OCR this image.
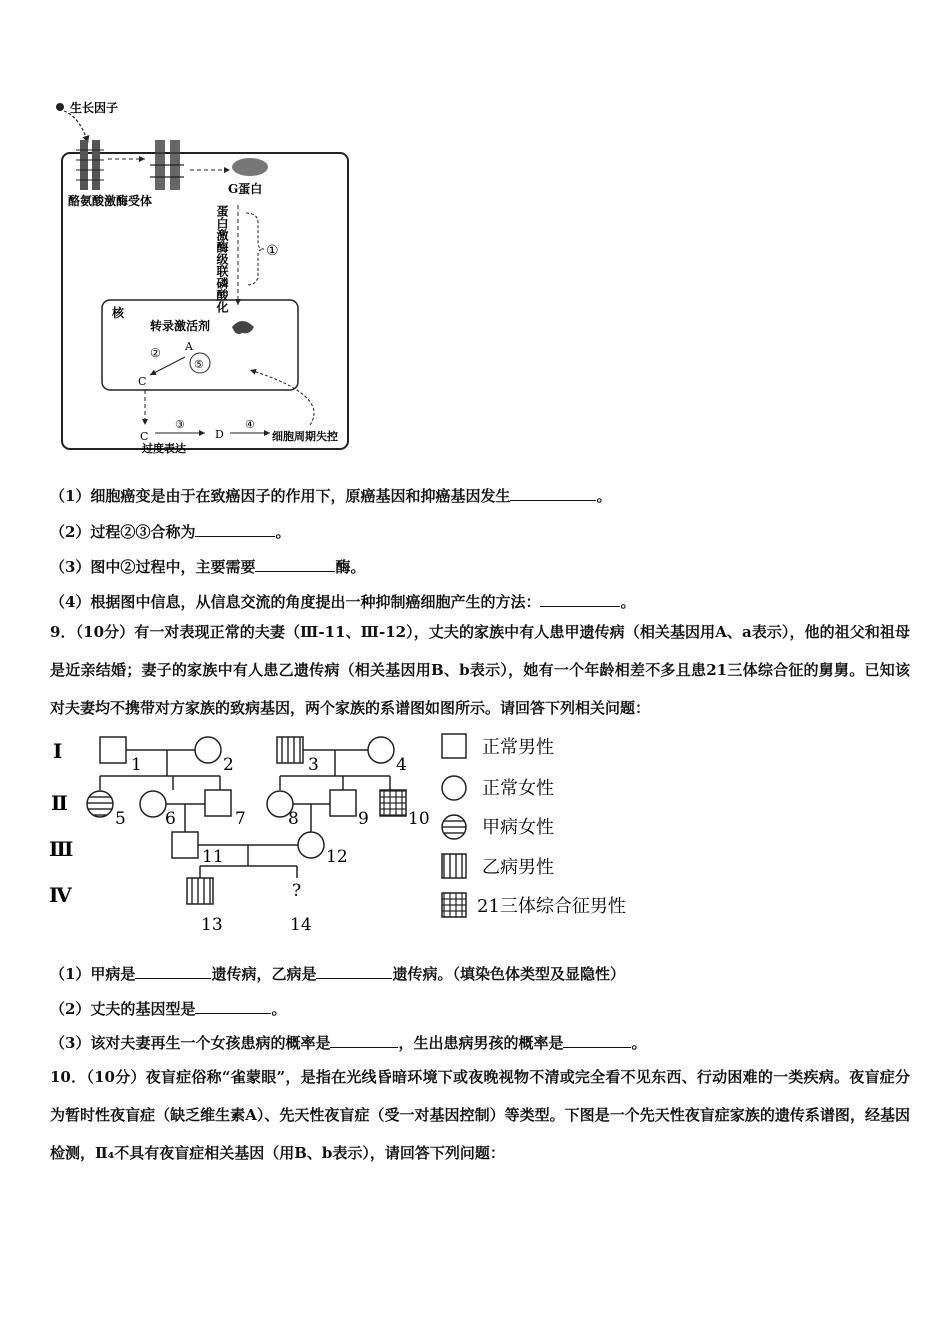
生长因子
酪氨酸激酶受体
G蛋白
蛋白激酶级联磷酸化	①
核
转录激活剂
A
⑤
②
C
C
③
过度表达
D
④
细胞周期失控
（1）细胞癌变是由于在致癌因子的作用下，原癌基因和抑癌基因发生	。
（2）过程②③合称为	。
（3）图中②过程中，主要需要	酶。
（4）根据图中信息，从信息交流的角度提出一种抑制癌细胞产生的方法：	。
9．（10分）有一对表现正常的夫妻（Ⅲ-11、Ⅲ-12），丈夫的家族中有人患甲遗传病（相关基因用A、a表示），他的祖父和祖母是近亲结婚；妻子的家族中有人患乙遗传病（相关基因用B、b表示），她有一个年龄相差不多且患21三体综合征的舅舅。已知该对夫妻均不携带对方家族的致病基因，两个家族的系谱图如图所示。请回答下列相关问题：
Ⅰ
Ⅱ
Ⅲ
Ⅳ
1	2	3	4
5 6	7 8	9 10
11	12
13
?
14
正常男性
正常女性
甲病女性
乙病男性
21三体综合征男性
（1）甲病是	遗传病，乙病是	遗传病。（填染色体类型及显隐性）
（2）丈夫的基因型是	。
（3）该对夫妻再生一个女孩患病的概率是	，生出患病男孩的概率是	。
10．（10分）夜盲症俗称“雀蒙眼”，是指在光线昏暗环境下或夜晚视物不清或完全看不见东西、行动困难的一类疾病。夜盲症分为暂时性夜盲症（缺乏维生素A）、先天性夜盲症（受一对基因控制）等类型。下图是一个先天性夜盲症家族的遗传系谱图，经基因检测，Ⅱ₄不具有夜盲症相关基因（用B、b表示），请回答下列问题：
